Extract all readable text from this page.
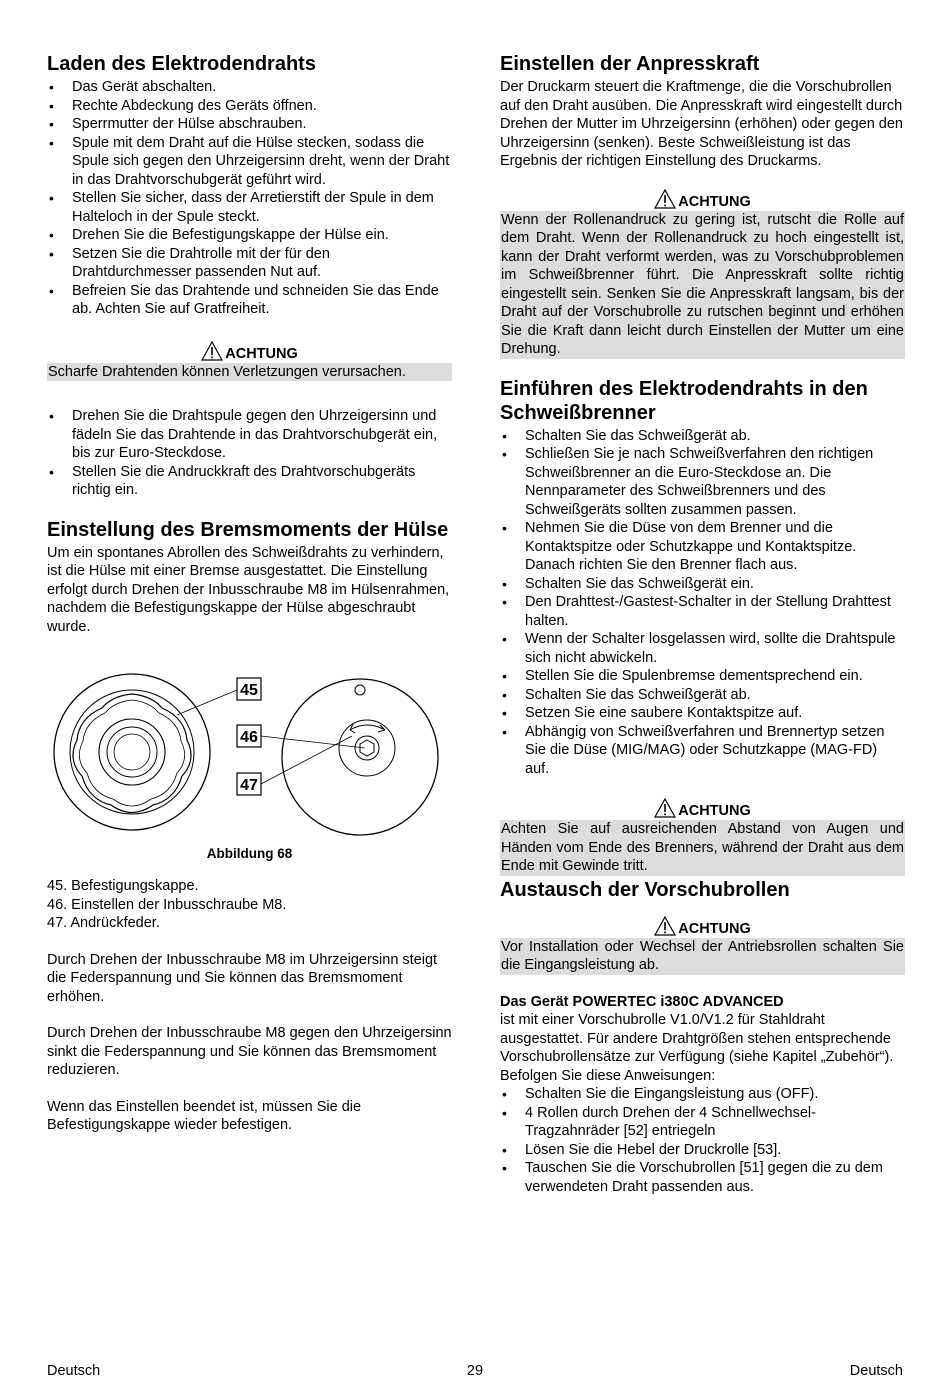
Laden des Elektrodendrahts
• Das Gerät abschalten.
• Rechte Abdeckung des Geräts öffnen.
• Sperrmutter der Hülse abschrauben.
• Spule mit dem Draht auf die Hülse stecken, sodass die Spule sich gegen den Uhrzeigersinn dreht, wenn der Draht in das Drahtvorschubgerät geführt wird.
• Stellen Sie sicher, dass der Arretierstift der Spule in dem Halteloch in der Spule steckt.
• Drehen Sie die Befestigungskappe der Hülse ein.
• Setzen Sie die Drahtrolle mit der für den Drahtdurchmesser passenden Nut auf.
• Befreien Sie das Drahtende und schneiden Sie das Ende ab. Achten Sie auf Gratfreiheit.
ACHTUNG
Scharfe Drahtenden können Verletzungen verursachen.
• Drehen Sie die Drahtspule gegen den Uhrzeigersinn und fädeln Sie das Drahtende in das Drahtvorschubgerät ein, bis zur Euro-Steckdose.
• Stellen Sie die Andruckkraft des Drahtvorschubgeräts richtig ein.
Einstellung des Bremsmoments der Hülse

Um ein spontanes Abrollen des Schweißdrahts zu verhindern, ist die Hülse mit einer Bremse ausgestattet. Die Einstellung erfolgt durch Drehen der Inbusschraube M8 im Hülsenrahmen, nachdem die Befestigungskappe der Hülse abgeschraubt wurde.

45
46
47
Abbildung 68
45. Befestigungskappe.
46. Einstellen der Inbusschraube M8.
47. Andrückfeder.

Durch Drehen der Inbusschraube M8 im Uhrzeigersinn steigt die Federspannung und Sie können das Bremsmoment erhöhen.

Durch Drehen der Inbusschraube M8 gegen den Uhrzeigersinn sinkt die Federspannung und Sie können das Bremsmoment reduzieren.

Wenn das Einstellen beendet ist, müssen Sie die Befestigungskappe wieder befestigen.

Einstellen der Anpresskraft

Der Druckarm steuert die Kraftmenge, die die Vorschubrollen auf den Draht ausüben. Die Anpresskraft wird eingestellt durch Drehen der Mutter im Uhrzeigersinn (erhöhen) oder gegen den Uhrzeigersinn (senken). Beste Schweißleistung ist das Ergebnis der richtigen Einstellung des Druckarms.

ACHTUNG
Wenn der Rollenandruck zu gering ist, rutscht die Rolle auf dem Draht. Wenn der Rollenandruck zu hoch eingestellt ist, kann der Draht verformt werden, was zu Vorschubproblemen im Schweißbrenner führt. Die Anpresskraft sollte richtig eingestellt sein. Senken Sie die Anpresskraft langsam, bis der Draht auf der Vorschubrolle zu rutschen beginnt und erhöhen Sie die Kraft dann leicht durch Einstellen der Mutter um eine Drehung.
Einführen des Elektrodendrahts in den Schweißbrenner
• Schalten Sie das Schweißgerät ab.
• Schließen Sie je nach Schweißverfahren den richtigen Schweißbrenner an die Euro-Steckdose an. Die Nennparameter des Schweißbrenners und des Schweißgeräts sollten zusammen passen.
• Nehmen Sie die Düse von dem Brenner und die Kontaktspitze oder Schutzkappe und Kontaktspitze. Danach richten Sie den Brenner flach aus.
• Schalten Sie das Schweißgerät ein.
• Den Drahttest-/Gastest-Schalter in der Stellung Drahttest halten.
• Wenn der Schalter losgelassen wird, sollte die Drahtspule sich nicht abwickeln.
• Stellen Sie die Spulenbremse dementsprechend ein.
• Schalten Sie das Schweißgerät ab.
• Setzen Sie eine saubere Kontaktspitze auf.
• Abhängig von Schweißverfahren und Brennertyp setzen Sie die Düse (MIG/MAG) oder Schutzkappe (MAG-FD) auf.
ACHTUNG
Achten Sie auf ausreichenden Abstand von Augen und Händen vom Ende des Brenners, während der Draht aus dem Ende mit Gewinde tritt.
Austausch der Vorschubrollen
ACHTUNG
Vor Installation oder Wechsel der Antriebsrollen schalten Sie die Eingangsleistung ab.
Das Gerät POWERTEC i380C ADVANCED

ist mit einer Vorschubrolle V1.0/V1.2 für Stahldraht ausgestattet. Für andere Drahtgrößen stehen entsprechende Vorschubrollensätze zur Verfügung (siehe Kapitel „Zubehör“). Befolgen Sie diese Anweisungen:

• Schalten Sie die Eingangsleistung aus (OFF).
• 4 Rollen durch Drehen der 4 Schnellwechsel-Tragzahnräder [52] entriegeln
• Lösen Sie die Hebel der Druckrolle [53].
• Tauschen Sie die Vorschubrollen [51] gegen die zu dem verwendeten Draht passenden aus.
Deutsch	29	Deutsch
